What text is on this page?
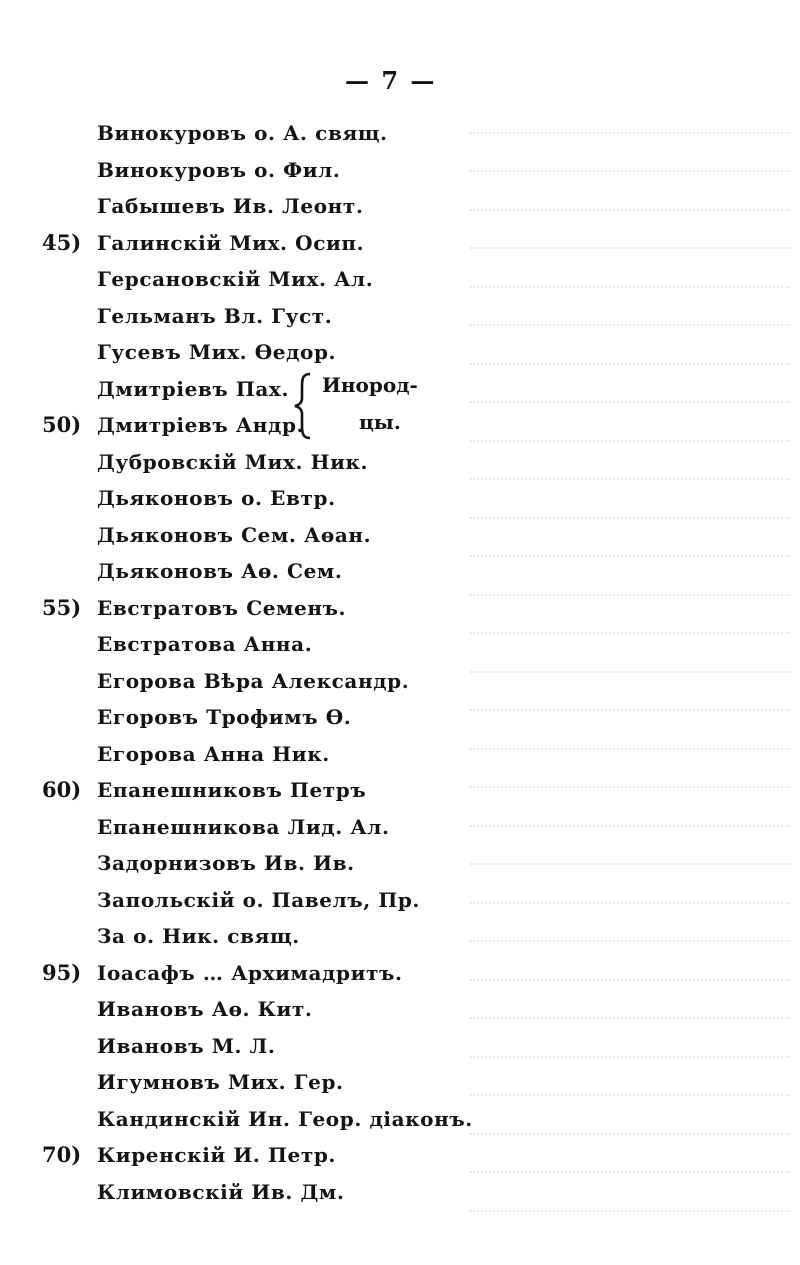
— 7 —
Винокуровъ о. А. свящ.
Винокуровъ о. Фил.
Габышевъ Ив. Леонт.
45) Галинскій Мих. Осип.
Герсановскій Мих. Ал.
Гельманъ Вл. Густ.
Гусевъ Мих. Өедор.
Дмитріевъ Пах.
50) Дмитріевъ Андр.
Дубровскій Мих. Ник.
Дьяконовъ о. Евтр.
Дьяконовъ Сем. Аөан.
Дьяконовъ Аө. Сем.
55) Евстратовъ Семенъ.
Евстратова Анна.
Егорова Вѣра Александр.
Егоровъ Трофимъ Ѳ.
Егорова Анна Ник.
60) Епанешниковъ Петръ
Епанешникова Лид. Ал.
Задорнизовъ Ив. Ив.
Запольскій о. Павелъ, Пр.
За о. Ник. свящ.
95) Іоасафъ … Архимадритъ.
Ивановъ Аө. Кит.
Ивановъ М. Л.
Игумновъ Мих. Гер.
Кандинскій Ин. Геор. діаконъ.
70) Киренскій И. Петр.
Климовскій Ив. Дм.
Инород-
цы.
